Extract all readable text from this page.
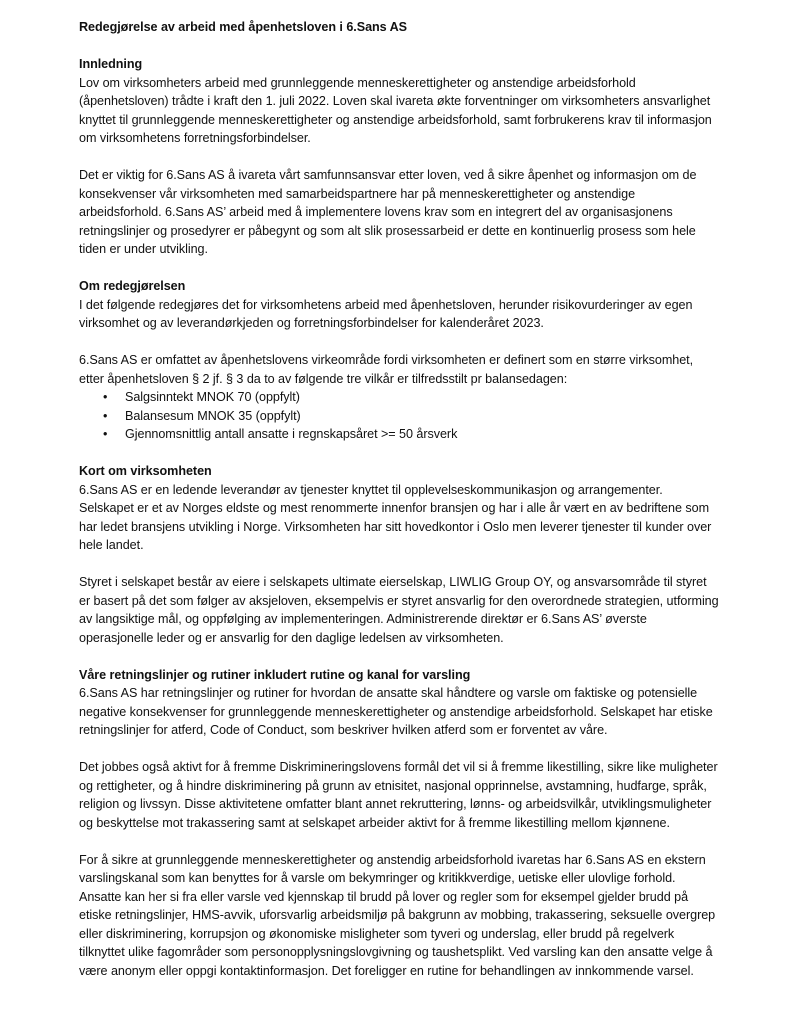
Redegjørelse av arbeid med åpenhetsloven i 6.Sans AS

Innledning

Lov om virksomheters arbeid med grunnleggende menneskerettigheter og anstendige arbeidsforhold (åpenhetsloven) trådte i kraft den 1. juli 2022. Loven skal ivareta økte forventninger om virksomheters ansvarlighet knyttet til grunnleggende menneskerettigheter og anstendige arbeidsforhold, samt forbrukerens krav til informasjon om virksomhetens forretningsforbindelser.

Det er viktig for 6.Sans AS å ivareta vårt samfunnsansvar etter loven, ved å sikre åpenhet og informasjon om de konsekvenser vår virksomheten med samarbeidspartnere har på menneskerettigheter og anstendige arbeidsforhold. 6.Sans AS’ arbeid med å implementere lovens krav som en integrert del av organisasjonens retningslinjer og prosedyrer er påbegynt og som alt slik prosessarbeid er dette en kontinuerlig prosess som hele tiden er under utvikling.

Om redegjørelsen

I det følgende redegjøres det for virksomhetens arbeid med åpenhetsloven, herunder risikovurderinger av egen virksomhet og av leverandørkjeden og forretningsforbindelser for kalenderåret 2023.

6.Sans AS er omfattet av åpenhetslovens virkeområde fordi virksomheten er definert som en større virksomhet, etter åpenhetsloven § 2 jf. § 3 da to av følgende tre vilkår er tilfredsstilt pr balansedagen:

• Salgsinntekt MNOK 70 (oppfylt)
• Balansesum MNOK 35 (oppfylt)
• Gjennomsnittlig antall ansatte i regnskapsåret >= 50 årsverk

Kort om virksomheten

6.Sans AS er en ledende leverandør av tjenester knyttet til opplevelseskommunikasjon og arrangementer. Selskapet er et av Norges eldste og mest renommerte innenfor bransjen og har i alle år vært en av bedriftene som har ledet bransjens utvikling i Norge. Virksomheten har sitt hovedkontor i Oslo men leverer tjenester til kunder over hele landet.

Styret i selskapet består av eiere i selskapets ultimate eierselskap, LIWLIG Group OY, og ansvarsområde til styret er basert på det som følger av aksjeloven, eksempelvis er styret ansvarlig for den overordnede strategien, utforming av langsiktige mål, og oppfølging av implementeringen. Administrerende direktør er 6.Sans AS’ øverste operasjonelle leder og er ansvarlig for den daglige ledelsen av virksomheten.

Våre retningslinjer og rutiner inkludert rutine og kanal for varsling

6.Sans AS har retningslinjer og rutiner for hvordan de ansatte skal håndtere og varsle om faktiske og potensielle negative konsekvenser for grunnleggende menneskerettigheter og anstendige arbeidsforhold. Selskapet har etiske retningslinjer for atferd, Code of Conduct, som beskriver hvilken atferd som er forventet av våre.

Det jobbes også aktivt for å fremme Diskrimineringslovens formål det vil si å fremme likestilling, sikre like muligheter og rettigheter, og å hindre diskriminering på grunn av etnisitet, nasjonal opprinnelse, avstamning, hudfarge, språk, religion og livssyn. Disse aktivitetene omfatter blant annet rekruttering, lønns- og arbeidsvilkår, utviklingsmuligheter og beskyttelse mot trakassering samt at selskapet arbeider aktivt for å fremme likestilling mellom kjønnene.

For å sikre at grunnleggende menneskerettigheter og anstendig arbeidsforhold ivaretas har 6.Sans AS en ekstern varslingskanal som kan benyttes for å varsle om bekymringer og kritikkverdige, uetiske eller ulovlige forhold. Ansatte kan her si fra eller varsle ved kjennskap til brudd på lover og regler som for eksempel gjelder brudd på etiske retningslinjer, HMS-avvik, uforsvarlig arbeidsmiljø på bakgrunn av mobbing, trakassering, seksuelle overgrep eller diskriminering, korrupsjon og økonomiske misligheter som tyveri og underslag, eller brudd på regelverk tilknyttet ulike fagområder som personopplysningslovgivning og taushetsplikt. Ved varsling kan den ansatte velge å være anonym eller oppgi kontaktinformasjon. Det foreligger en rutine for behandlingen av innkommende varsel.
